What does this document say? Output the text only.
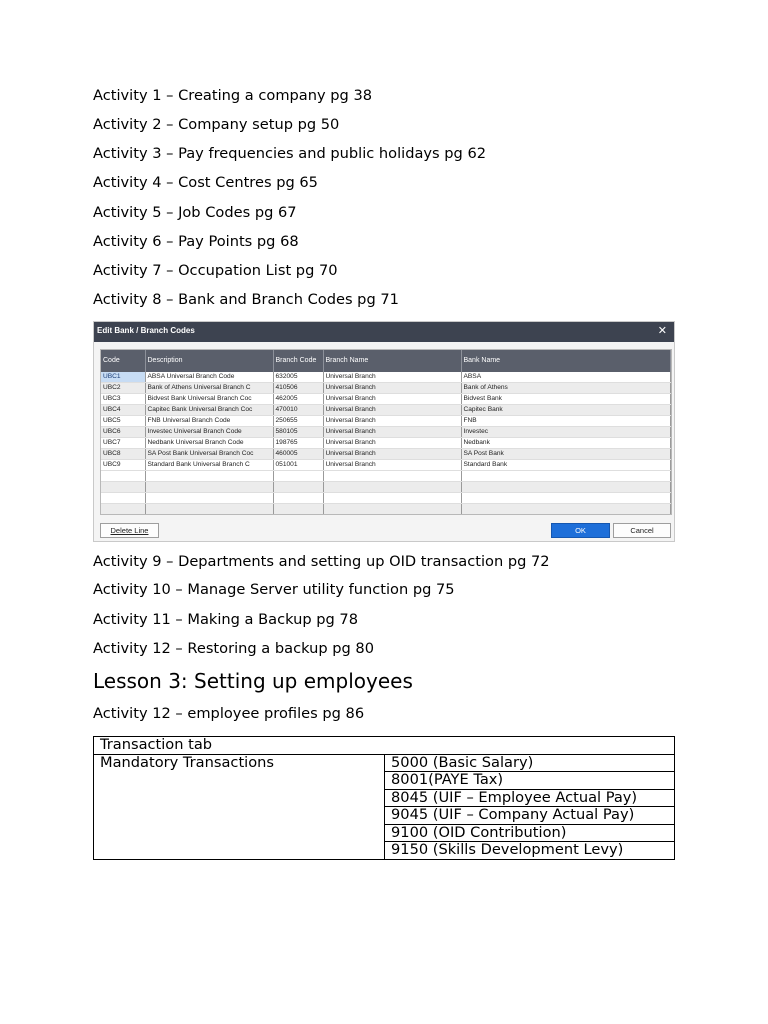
Activity 1 – Creating a company pg 38
Activity 2 – Company setup pg 50
Activity 3 – Pay frequencies and public holidays pg 62
Activity 4 – Cost Centres pg 65
Activity 5 – Job Codes pg 67
Activity 6 – Pay Points pg 68
Activity 7 – Occupation List pg 70
Activity 8 – Bank and Branch Codes pg 71
Edit Bank / Branch Codes	✕
Code	Description	Branch Code	Branch Name	Bank Name
UBC1	ABSA Universal Branch Code	632005	Universal Branch	ABSA
UBC2	Bank of Athens Universal Branch C	410506	Universal Branch	Bank of Athens
UBC3	Bidvest Bank Universal Branch Coc	462005	Universal Branch	Bidvest Bank
UBC4	Capitec Bank Universal Branch Coc	470010	Universal Branch	Capitec Bank
UBC5	FNB Universal Branch Code	250655	Universal Branch	FNB
UBC6	Investec Universal Branch Code	580105	Universal Branch	Investec
UBC7	Nedbank Universal Branch Code	198765	Universal Branch	Nedbank
UBC8	SA Post Bank Universal Branch Coc	460005	Universal Branch	SA Post Bank
UBC9	Standard Bank Universal Branch C	051001	Universal Branch	Standard Bank

Delete Line	OK	Cancel
Activity 9 – Departments and setting up OID transaction pg 72
Activity 10 – Manage Server utility function pg 75
Activity 11 – Making a Backup pg 78
Activity 12 – Restoring a backup pg 80
Lesson 3: Setting up employees
Activity 12 – employee profiles pg 86
Transaction tab
Mandatory Transactions	5000 (Basic Salary)
8001(PAYE Tax)
8045 (UIF – Employee Actual Pay)
9045 (UIF – Company Actual Pay)
9100 (OID Contribution)
9150 (Skills Development Levy)
